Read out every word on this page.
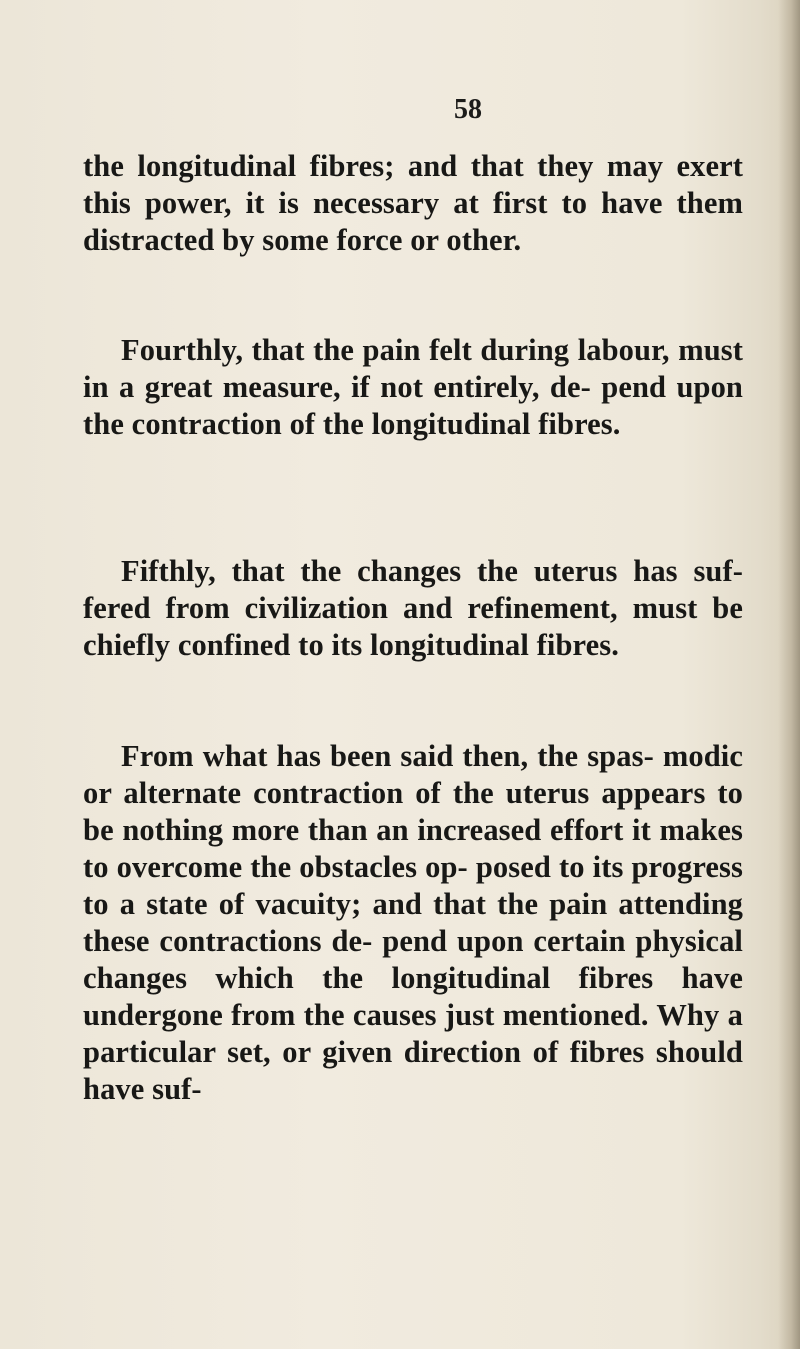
58

the longitudinal fibres; and that they may exert this power, it is necessary at first to have them distracted by some force or other.

Fourthly, that the pain felt during labour, must in a great measure, if not entirely, de- pend upon the contraction of the longitudinal fibres.

Fifthly, that the changes the uterus has suf- fered from civilization and refinement, must be chiefly confined to its longitudinal fibres.

From what has been said then, the spas- modic or alternate contraction of the uterus appears to be nothing more than an increased effort it makes to overcome the obstacles op- posed to its progress to a state of vacuity; and that the pain attending these contractions de- pend upon certain physical changes which the longitudinal fibres have undergone from the causes just mentioned. Why a particular set, or given direction of fibres should have suf-
